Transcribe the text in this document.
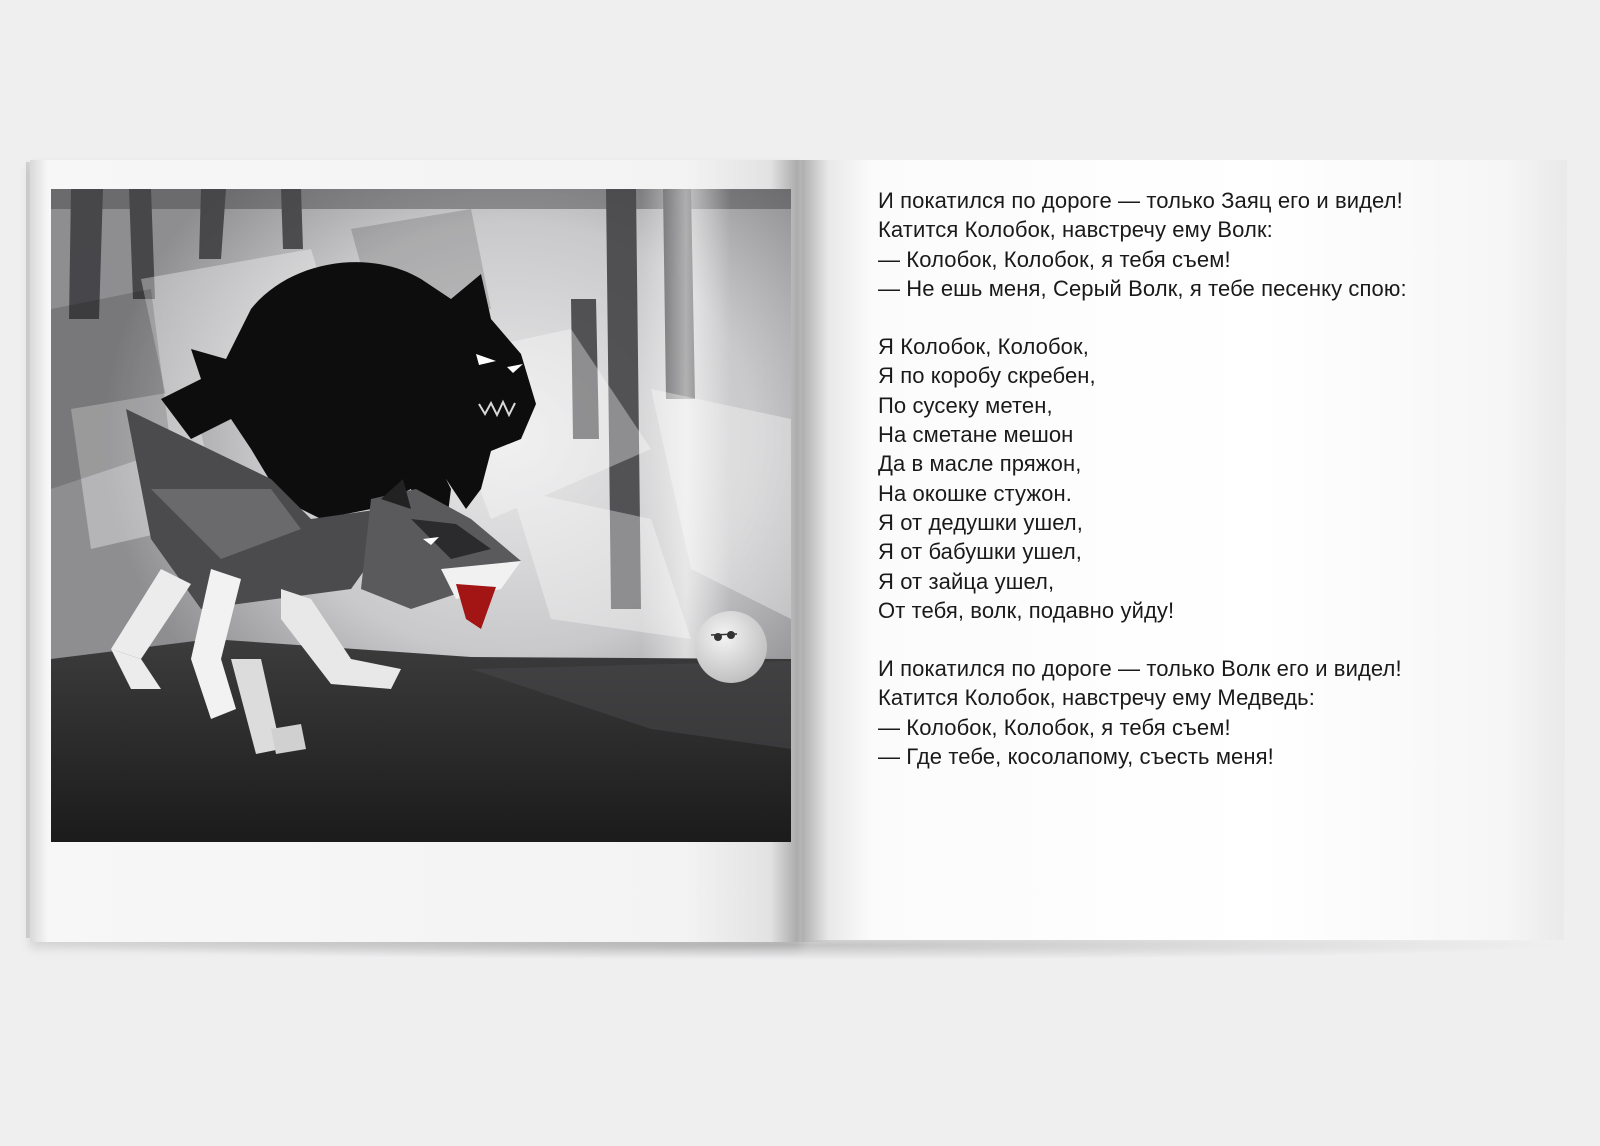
И покатился по дороге — только Заяц его и видел!
Катится Колобок, навстречу ему Волк:
— Колобок, Колобок, я тебя съем!
— Не ешь меня, Серый Волк, я тебе песенку спою:
Я Колобок, Колобок,
Я по коробу скребен,
По сусеку метен,
На сметане мешон
Да в масле пряжон,
На окошке стужон.
Я от дедушки ушел,
Я от бабушки ушел,
Я от зайца ушел,
От тебя, волк, подавно уйду!
И покатился по дороге — только Волк его и видел!
Катится Колобок, навстречу ему Медведь:
— Колобок, Колобок, я тебя съем!
— Где тебе, косолапому, съесть меня!
